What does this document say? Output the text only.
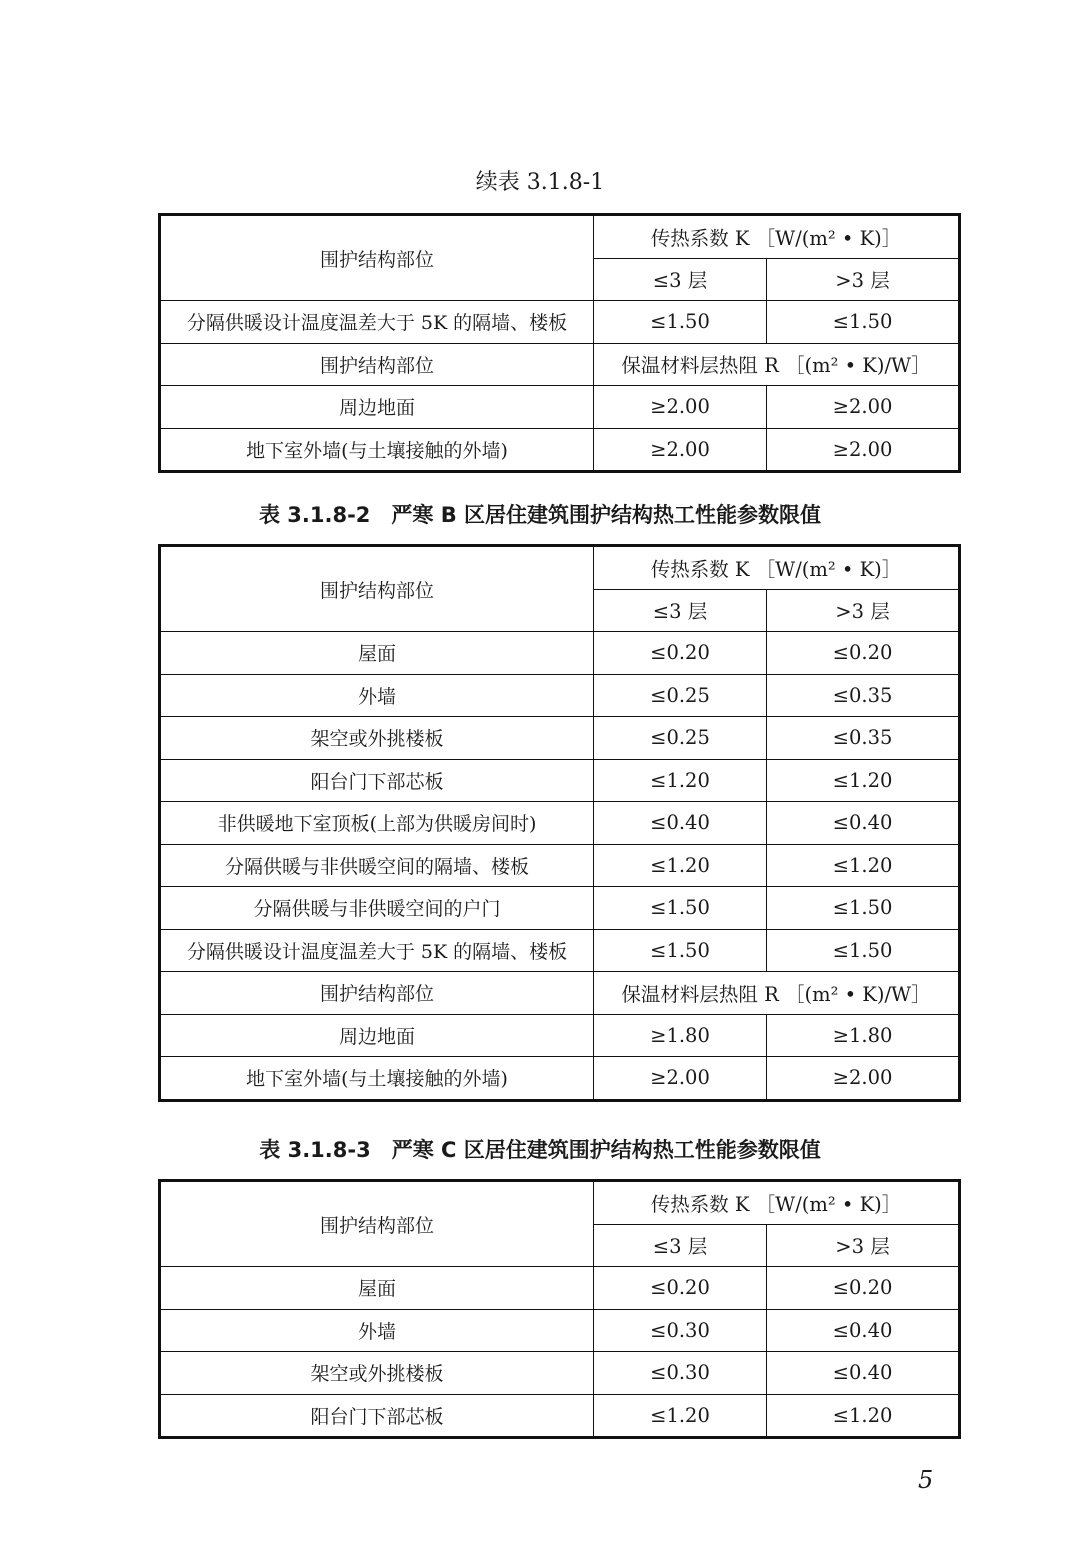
续表 3.1.8-1
围护结构部位	传热系数 K ［W/(m² • K)］	
	≤3 层	>3 层
分隔供暖设计温度温差大于 5K 的隔墙、楼板	≤1.50	≤1.50
围护结构部位	保温材料层热阻 R ［(m² • K)/W］	
周边地面	≥2.00	≥2.00
地下室外墙(与土壤接触的外墙)	≥2.00	≥2.00
表 3.1.8-2　严寒 B 区居住建筑围护结构热工性能参数限值
围护结构部位	传热系数 K ［W/(m² • K)］	
	≤3 层	>3 层
屋面	≤0.20	≤0.20
外墙	≤0.25	≤0.35
架空或外挑楼板	≤0.25	≤0.35
阳台门下部芯板	≤1.20	≤1.20
非供暖地下室顶板(上部为供暖房间时)	≤0.40	≤0.40
分隔供暖与非供暖空间的隔墙、楼板	≤1.20	≤1.20
分隔供暖与非供暖空间的户门	≤1.50	≤1.50
分隔供暖设计温度温差大于 5K 的隔墙、楼板	≤1.50	≤1.50
围护结构部位	保温材料层热阻 R ［(m² • K)/W］	
周边地面	≥1.80	≥1.80
地下室外墙(与土壤接触的外墙)	≥2.00	≥2.00
表 3.1.8-3　严寒 C 区居住建筑围护结构热工性能参数限值
围护结构部位	传热系数 K ［W/(m² • K)］	
	≤3 层	>3 层
屋面	≤0.20	≤0.20
外墙	≤0.30	≤0.40
架空或外挑楼板	≤0.30	≤0.40
阳台门下部芯板	≤1.20	≤1.20
5
